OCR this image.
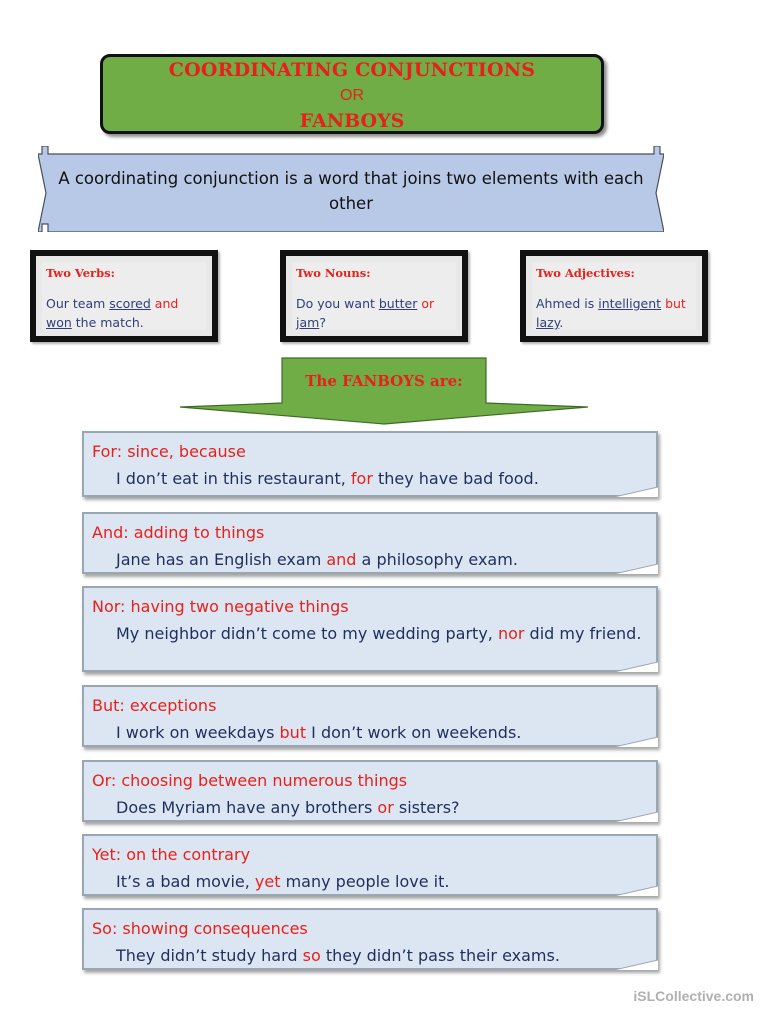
COORDINATING CONJUNCTIONS
OR
FANBOYS
A coordinating conjunction is a word that joins two elements with each other
Two Verbs:
Our team scored and won the match.
Two Nouns:
Do you want butter or jam?
Two Adjectives:
Ahmed is intelligent but lazy.
The FANBOYS are:
For: since, because
I don’t eat in this restaurant, for they have bad food.
And: adding to things
Jane has an English exam and a philosophy exam.
Nor: having two negative things
My neighbor didn’t come to my wedding party, nor did my friend.
But: exceptions
I work on weekdays but I don’t work on weekends.
Or: choosing between numerous things
Does Myriam have any brothers or sisters?
Yet: on the contrary
It’s a bad movie, yet many people love it.
So: showing consequences
They didn’t study hard so they didn’t pass their exams.
iSLCollective.com
